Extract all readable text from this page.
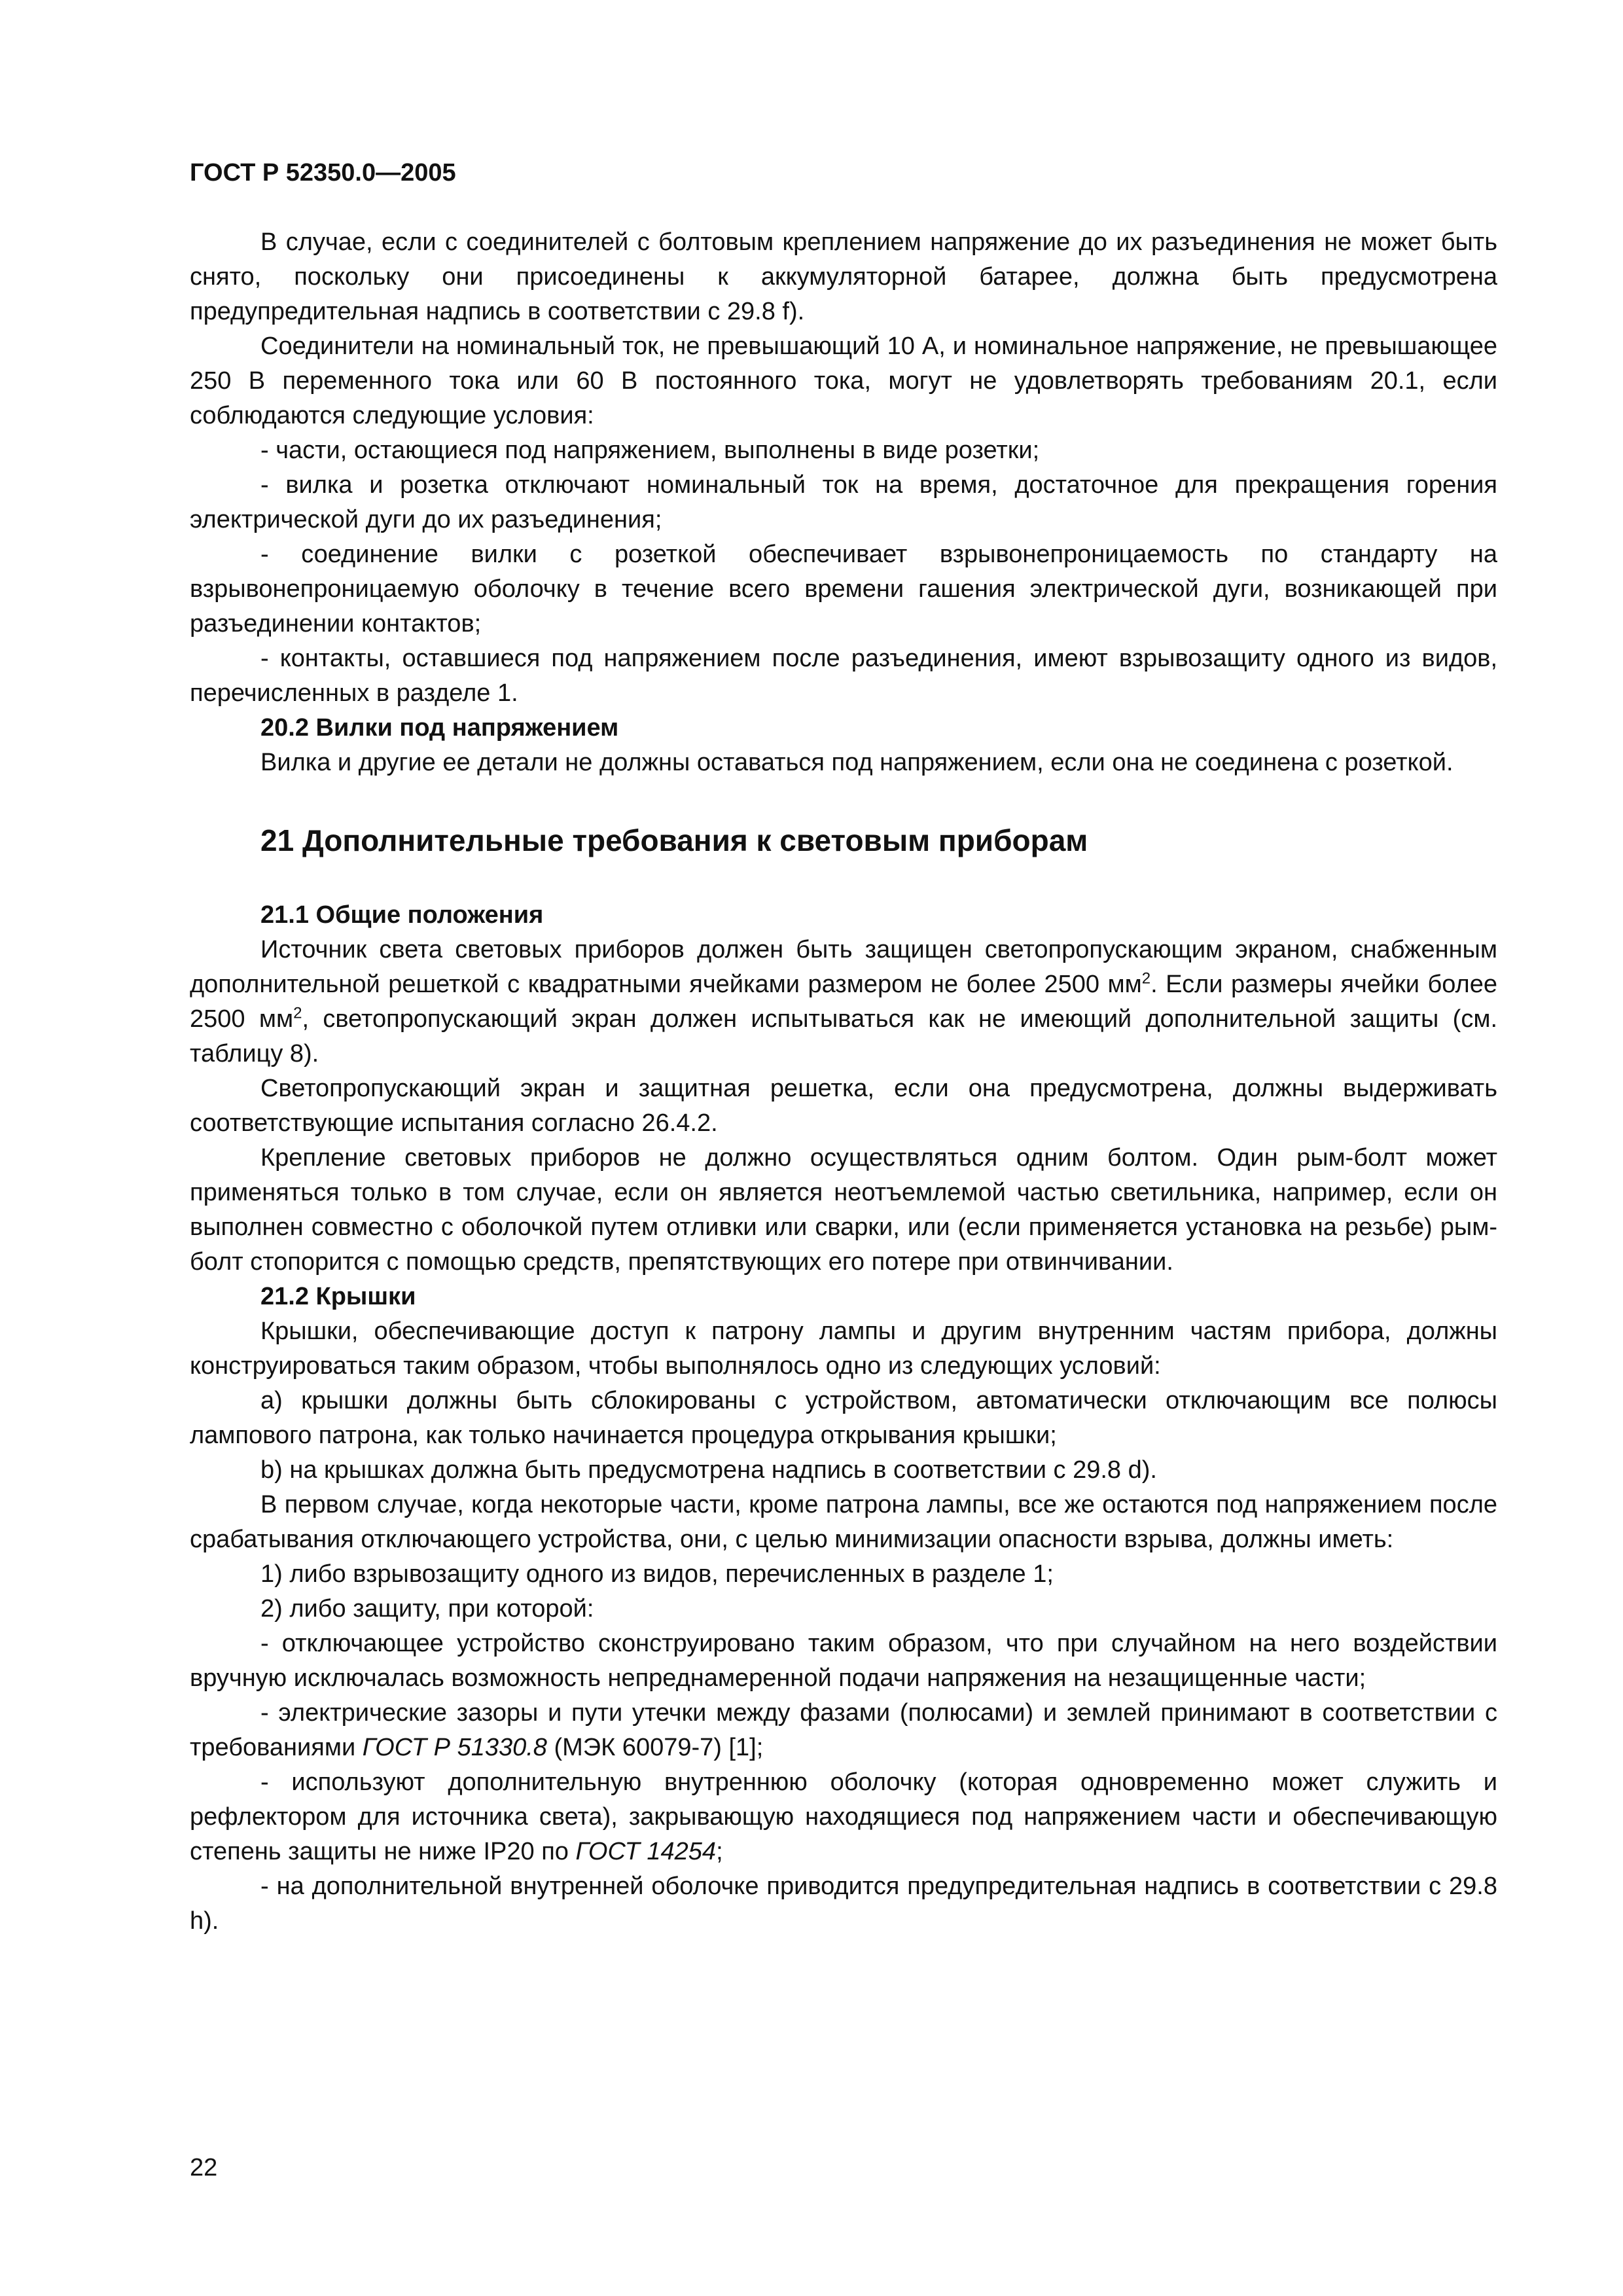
ГОСТ Р 52350.0—2005

В случае, если с соединителей с болтовым креплением напряжение до их разъединения не может быть снято, поскольку они присоединены к аккумуляторной батарее, должна быть предусмотрена предупредительная надпись в соответствии с 29.8 f).

Соединители на номинальный ток, не превышающий 10 А, и номинальное напряжение, не превышающее 250 В переменного тока или 60 В постоянного тока, могут не удовлетворять требованиям 20.1, если соблюдаются следующие условия:

- части, остающиеся под напряжением, выполнены в виде розетки;

- вилка и розетка отключают номинальный ток на время, достаточное для прекращения горения электрической дуги до их разъединения;

- соединение вилки с розеткой обеспечивает взрывонепроницаемость по стандарту на взрывонепроницаемую оболочку в течение всего времени гашения электрической дуги, возникающей при разъединении контактов;

- контакты, оставшиеся под напряжением после разъединения, имеют взрывозащиту одного из видов, перечисленных в разделе 1.

20.2 Вилки под напряжением

Вилка и другие ее детали не должны оставаться под напряжением, если она не соединена с розеткой.

21 Дополнительные требования к световым приборам
21.1 Общие положения

Источник света световых приборов должен быть защищен светопропускающим экраном, снабженным дополнительной решеткой с квадратными ячейками размером не более 2500 $мм^2$. Если размеры ячейки более 2500 $мм^2$, светопропускающий экран должен испытываться как не имеющий дополнительной защиты (см. таблицу 8).

Светопропускающий экран и защитная решетка, если она предусмотрена, должны выдерживать соответствующие испытания согласно 26.4.2.

Крепление световых приборов не должно осуществляться одним болтом. Один рым-болт может применяться только в том случае, если он является неотъемлемой частью светильника, например, если он выполнен совместно с оболочкой путем отливки или сварки, или (если применяется установка на резьбе) рым-болт стопорится с помощью средств, препятствующих его потере при отвинчивании.

21.2 Крышки

Крышки, обеспечивающие доступ к патрону лампы и другим внутренним частям прибора, должны конструироваться таким образом, чтобы выполнялось одно из следующих условий:

a) крышки должны быть сблокированы с устройством, автоматически отключающим все полюсы лампового патрона, как только начинается процедура открывания крышки;

b) на крышках должна быть предусмотрена надпись в соответствии с 29.8 d).

В первом случае, когда некоторые части, кроме патрона лампы, все же остаются под напряжением после срабатывания отключающего устройства, они, с целью минимизации опасности взрыва, должны иметь:

1) либо взрывозащиту одного из видов, перечисленных в разделе 1;

2) либо защиту, при которой:

- отключающее устройство сконструировано таким образом, что при случайном на него воздействии вручную исключалась возможность непреднамеренной подачи напряжения на незащищенные части;

- электрические зазоры и пути утечки между фазами (полюсами) и землей принимают в соответствии с требованиями ГОСТ Р 51330.8 (МЭК 60079-7) [1];

- используют дополнительную внутреннюю оболочку (которая одновременно может служить и рефлектором для источника света), закрывающую находящиеся под напряжением части и обеспечивающую степень защиты не ниже IP20 по ГОСТ 14254;

- на дополнительной внутренней оболочке приводится предупредительная надпись в соответствии с 29.8 h).

22
